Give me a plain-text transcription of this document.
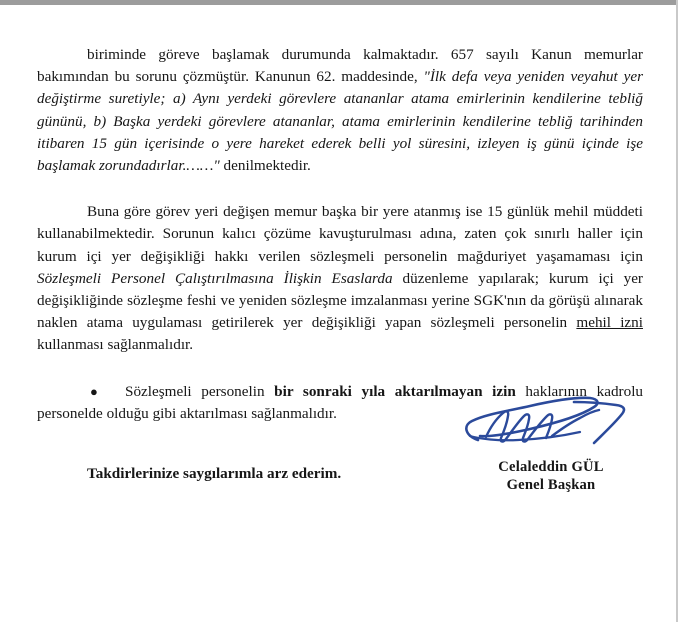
biriminde göreve başlamak durumunda kalmaktadır. 657 sayılı Kanun memurlar bakımından bu sorunu çözmüştür. Kanunun 62. maddesinde, "İlk defa veya yeniden veyahut yer değiştirme suretiyle; a) Aynı yerdeki görevlere atananlar atama emirlerinin kendilerine tebliğ gününü, b) Başka yerdeki görevlere atananlar, atama emirlerinin kendilerine tebliğ tarihinden itibaren 15 gün içerisinde o yere hareket ederek belli yol süresini, izleyen iş günü içinde işe başlamak zorundadırlar.……" denilmektedir.

Buna göre görev yeri değişen memur başka bir yere atanmış ise 15 günlük mehil müddeti kullanabilmektedir. Sorunun kalıcı çözüme kavuşturulması adına, zaten çok sınırlı haller için kurum içi yer değişikliği hakkı verilen sözleşmeli personelin mağduriyet yaşamaması için Sözleşmeli Personel Çalıştırılmasına İlişkin Esaslarda düzenleme yapılarak; kurum içi yer değişikliğinde sözleşme feshi ve yeniden sözleşme imzalanması yerine SGK'nın da görüşü alınarak naklen atama uygulaması getirilerek yer değişikliği yapan sözleşmeli personelin mehil izni kullanması sağlanmalıdır.

● Sözleşmeli personelin bir sonraki yıla aktarılmayan izin haklarının kadrolu personelde olduğu gibi aktarılması sağlanmalıdır.

Takdirlerinize saygılarımla arz ederim.	Celaleddin GÜL
Genel Başkan
